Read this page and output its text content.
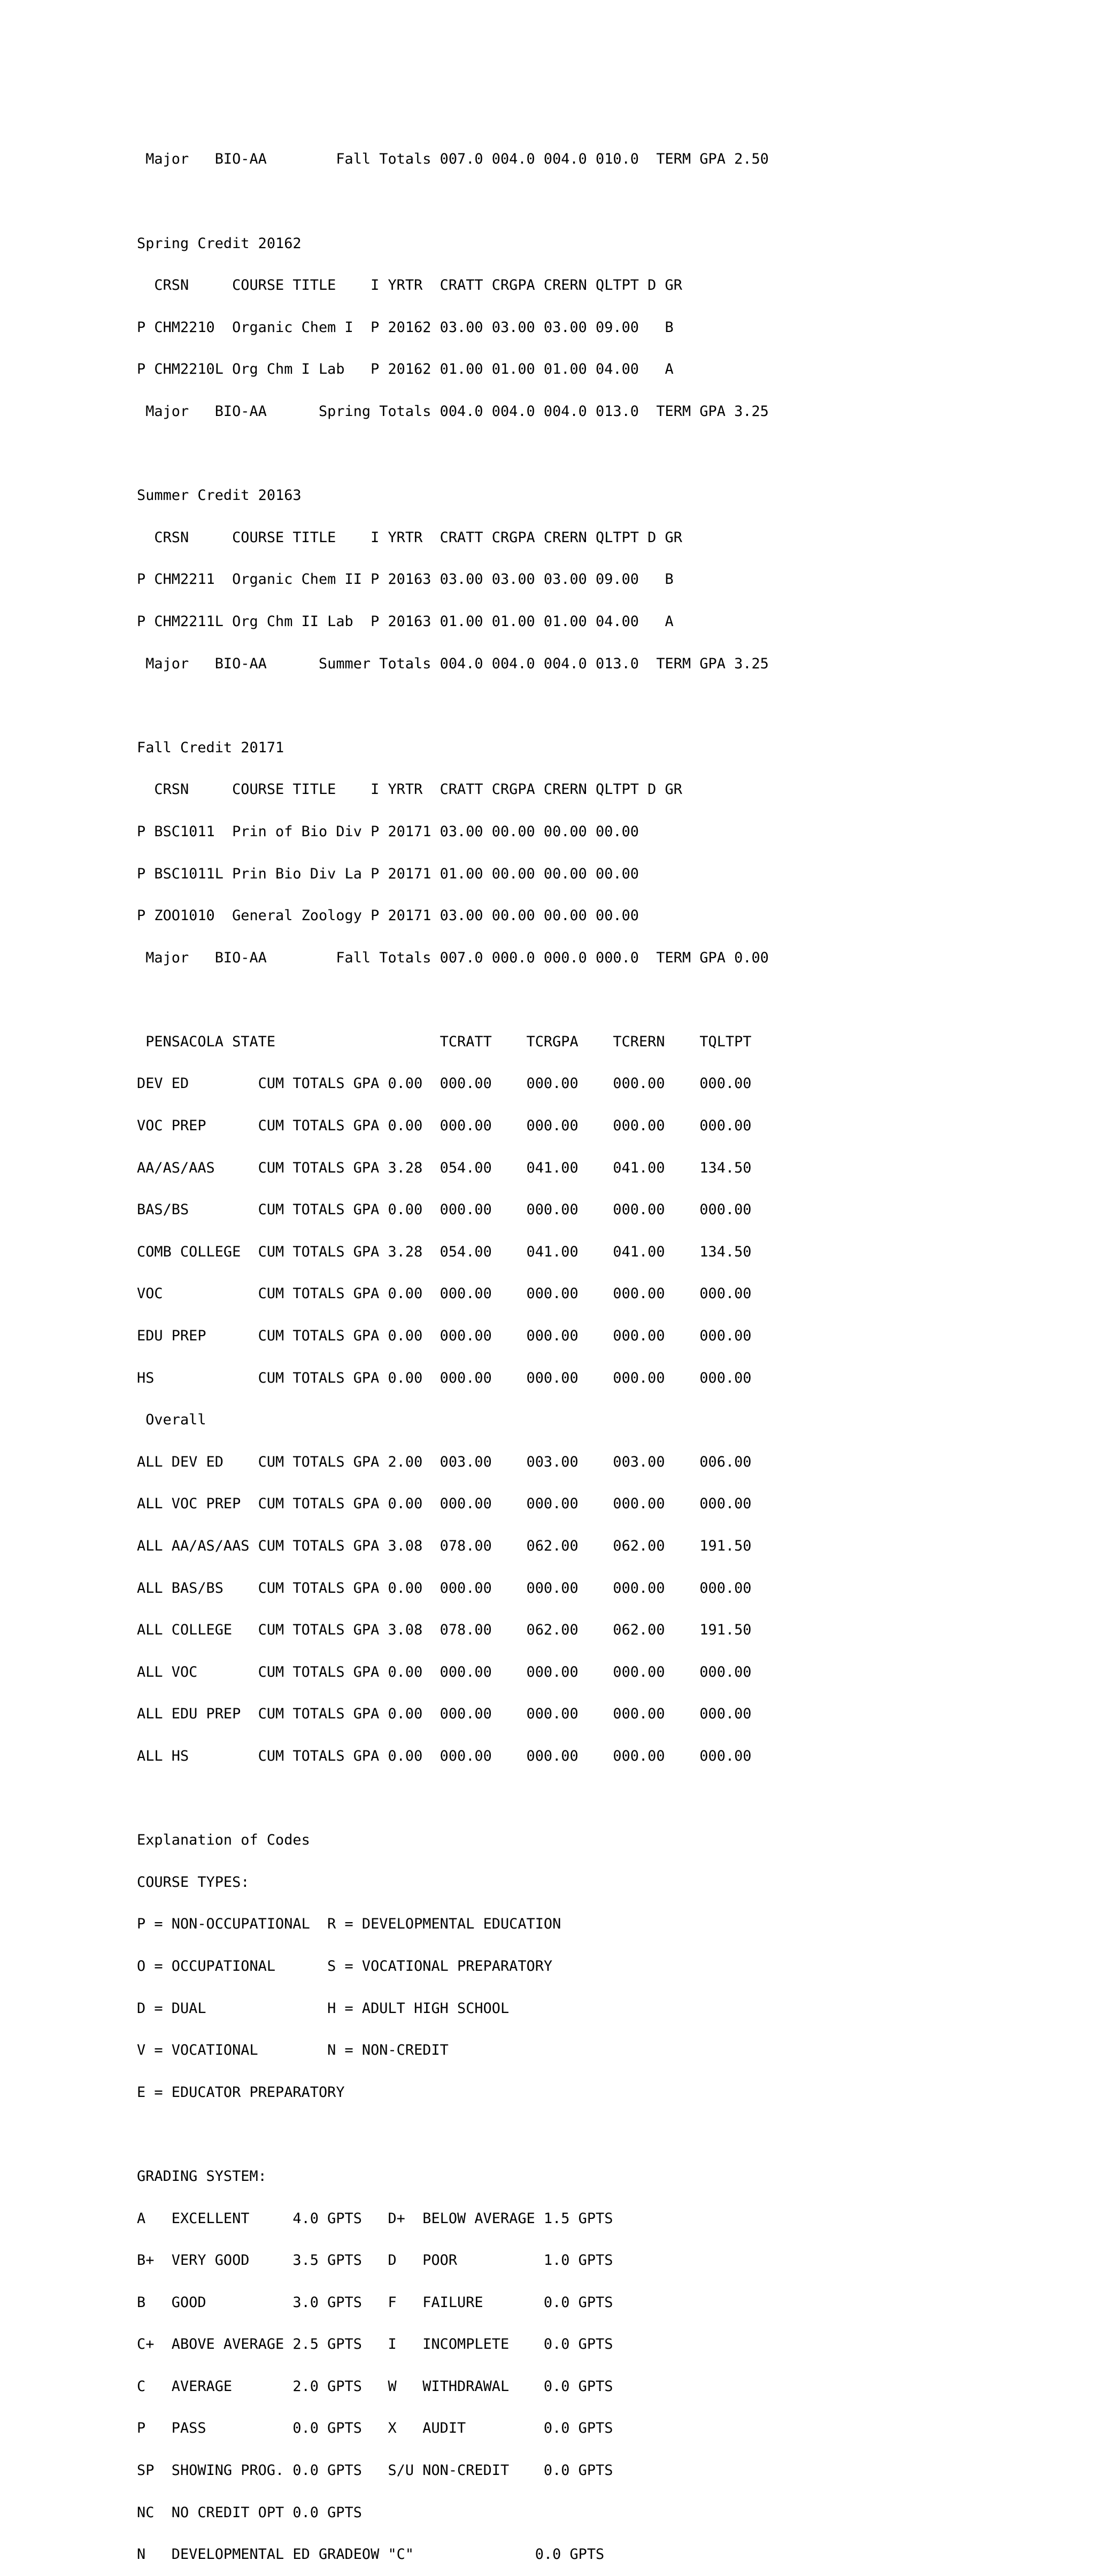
Major   BIO-AA        Fall Totals 007.0 004.0 004.0 010.0  TERM GPA 2.50

Spring Credit 20162

CRSN     COURSE TITLE    I YRTR  CRATT CRGPA CRERN QLTPT D GR

P CHM2210  Organic Chem I  P 20162 03.00 03.00 03.00 09.00   B

P CHM2210L Org Chm I Lab   P 20162 01.00 01.00 01.00 04.00   A

Major   BIO-AA      Spring Totals 004.0 004.0 004.0 013.0  TERM GPA 3.25

Summer Credit 20163

CRSN     COURSE TITLE    I YRTR  CRATT CRGPA CRERN QLTPT D GR

P CHM2211  Organic Chem II P 20163 03.00 03.00 03.00 09.00   B

P CHM2211L Org Chm II Lab  P 20163 01.00 01.00 01.00 04.00   A

Major   BIO-AA      Summer Totals 004.0 004.0 004.0 013.0  TERM GPA 3.25

Fall Credit 20171

CRSN     COURSE TITLE    I YRTR  CRATT CRGPA CRERN QLTPT D GR

P BSC1011  Prin of Bio Div P 20171 03.00 00.00 00.00 00.00

P BSC1011L Prin Bio Div La P 20171 01.00 00.00 00.00 00.00

P ZOO1010  General Zoology P 20171 03.00 00.00 00.00 00.00

Major   BIO-AA        Fall Totals 007.0 000.0 000.0 000.0  TERM GPA 0.00

PENSACOLA STATE                   TCRATT    TCRGPA    TCRERN    TQLTPT

DEV ED        CUM TOTALS GPA 0.00  000.00    000.00    000.00    000.00

VOC PREP      CUM TOTALS GPA 0.00  000.00    000.00    000.00    000.00

AA/AS/AAS     CUM TOTALS GPA 3.28  054.00    041.00    041.00    134.50

BAS/BS        CUM TOTALS GPA 0.00  000.00    000.00    000.00    000.00

COMB COLLEGE  CUM TOTALS GPA 3.28  054.00    041.00    041.00    134.50

VOC           CUM TOTALS GPA 0.00  000.00    000.00    000.00    000.00

EDU PREP      CUM TOTALS GPA 0.00  000.00    000.00    000.00    000.00

HS            CUM TOTALS GPA 0.00  000.00    000.00    000.00    000.00

Overall

ALL DEV ED    CUM TOTALS GPA 2.00  003.00    003.00    003.00    006.00

ALL VOC PREP  CUM TOTALS GPA 0.00  000.00    000.00    000.00    000.00

ALL AA/AS/AAS CUM TOTALS GPA 3.08  078.00    062.00    062.00    191.50

ALL BAS/BS    CUM TOTALS GPA 0.00  000.00    000.00    000.00    000.00

ALL COLLEGE   CUM TOTALS GPA 3.08  078.00    062.00    062.00    191.50

ALL VOC       CUM TOTALS GPA 0.00  000.00    000.00    000.00    000.00

ALL EDU PREP  CUM TOTALS GPA 0.00  000.00    000.00    000.00    000.00

ALL HS        CUM TOTALS GPA 0.00  000.00    000.00    000.00    000.00

Explanation of Codes

COURSE TYPES:

P = NON-OCCUPATIONAL  R = DEVELOPMENTAL EDUCATION

O = OCCUPATIONAL      S = VOCATIONAL PREPARATORY

D = DUAL              H = ADULT HIGH SCHOOL

V = VOCATIONAL        N = NON-CREDIT

E = EDUCATOR PREPARATORY

GRADING SYSTEM:

A   EXCELLENT     4.0 GPTS   D+  BELOW AVERAGE 1.5 GPTS

B+  VERY GOOD     3.5 GPTS   D   POOR          1.0 GPTS

B   GOOD          3.0 GPTS   F   FAILURE       0.0 GPTS

C+  ABOVE AVERAGE 2.5 GPTS   I   INCOMPLETE    0.0 GPTS

C   AVERAGE       2.0 GPTS   W   WITHDRAWAL    0.0 GPTS

P   PASS          0.0 GPTS   X   AUDIT         0.0 GPTS

SP  SHOWING PROG. 0.0 GPTS   S/U NON-CREDIT    0.0 GPTS

NC  NO CREDIT OPT 0.0 GPTS

N   DEVELOPMENTAL ED GRADEOW "C"              0.0 GPTS
